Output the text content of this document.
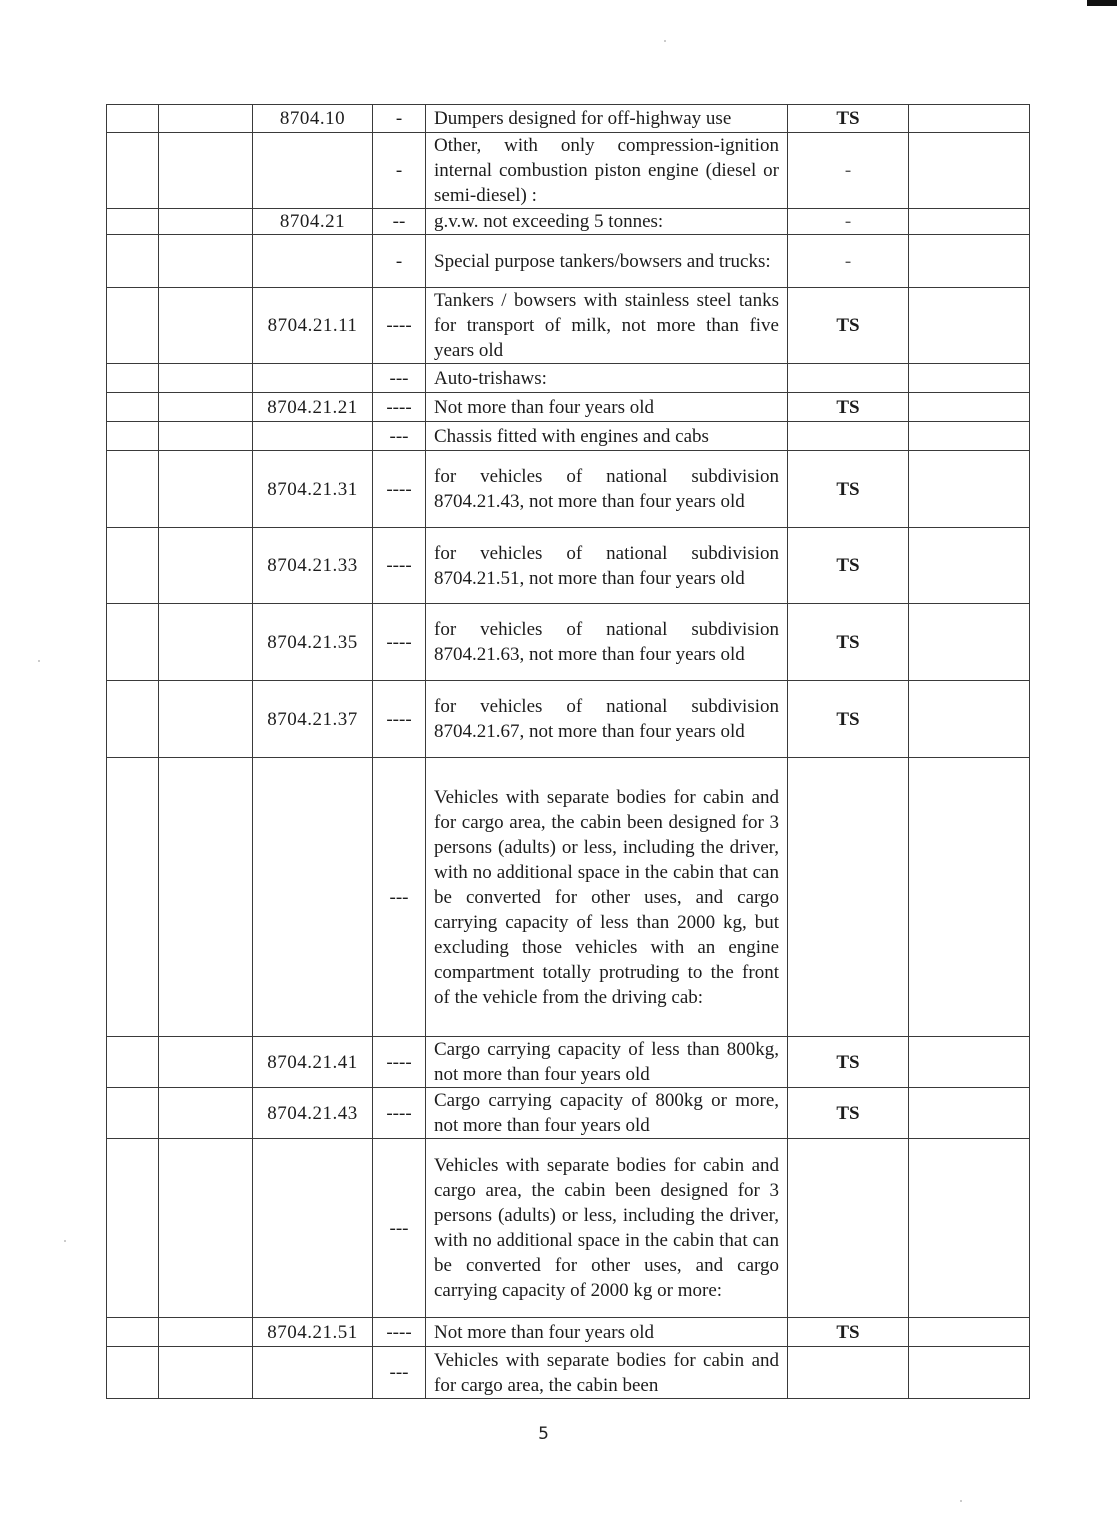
		8704.10	-	Dumpers designed for off-highway use	TS	
			-	Other, with only compression-ignition internal combustion piston engine (diesel or semi-diesel) :	-	
		8704.21	--	g.v.w. not exceeding 5 tonnes:	-	
			-	Special purpose tankers/bowsers and trucks:	-	
		8704.21.11	----	Tankers / bowsers with stainless steel tanks for transport of milk, not more than five years old	TS	
			---	Auto-trishaws:		
		8704.21.21	----	Not more than four years old	TS	
			---	Chassis fitted with engines and cabs		
		8704.21.31	----	for vehicles of national subdivision 8704.21.43, not more than four years old	TS	
		8704.21.33	----	for vehicles of national subdivision 8704.21.51, not more than four years old	TS	
		8704.21.35	----	for vehicles of national subdivision 8704.21.63, not more than four years old	TS	
		8704.21.37	----	for vehicles of national subdivision 8704.21.67, not more than four years old	TS	
			---	Vehicles with separate bodies for cabin and for cargo area, the cabin been designed for 3 persons (adults) or less, including the driver, with no additional space in the cabin that can be converted for other uses, and cargo carrying capacity of less than 2000 kg, but excluding those vehicles with an engine compartment totally protruding to the front of the vehicle from the driving cab:		
		8704.21.41	----	Cargo carrying capacity of less than 800kg, not more than four years old	TS	
		8704.21.43	----	Cargo carrying capacity of 800kg or more, not more than four years old	TS	
			---	Vehicles with separate bodies for cabin and cargo area, the cabin been designed for 3 persons (adults) or less, including the driver, with no additional space in the cabin that can be converted for other uses, and cargo carrying capacity of 2000 kg or more:		
		8704.21.51	----	Not more than four years old	TS	
			---	Vehicles with separate bodies for cabin and for cargo area, the cabin been		
5
